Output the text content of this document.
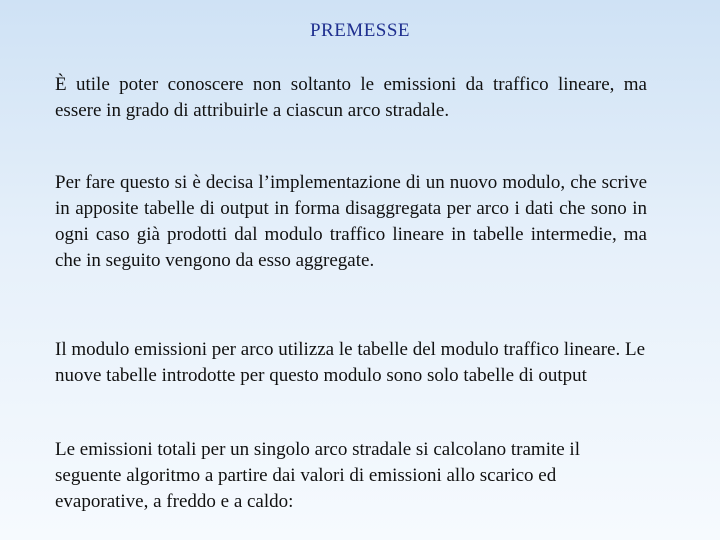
PREMESSE

È utile poter conoscere non soltanto le emissioni da traffico lineare, ma essere in grado di attribuirle a ciascun arco stradale.

Per fare questo si è decisa l’implementazione di un nuovo modulo, che scrive in apposite tabelle di output in forma disaggregata per arco i dati che sono in ogni caso già prodotti dal modulo traffico lineare in tabelle intermedie, ma che in seguito vengono da esso aggregate.

Il modulo emissioni per arco utilizza le tabelle del modulo traffico lineare. Le nuove tabelle introdotte per questo modulo sono solo tabelle di output

Le emissioni totali per un singolo arco stradale si calcolano tramite il seguente algoritmo a partire dai valori di emissioni allo scarico ed evaporative, a freddo e a caldo:
